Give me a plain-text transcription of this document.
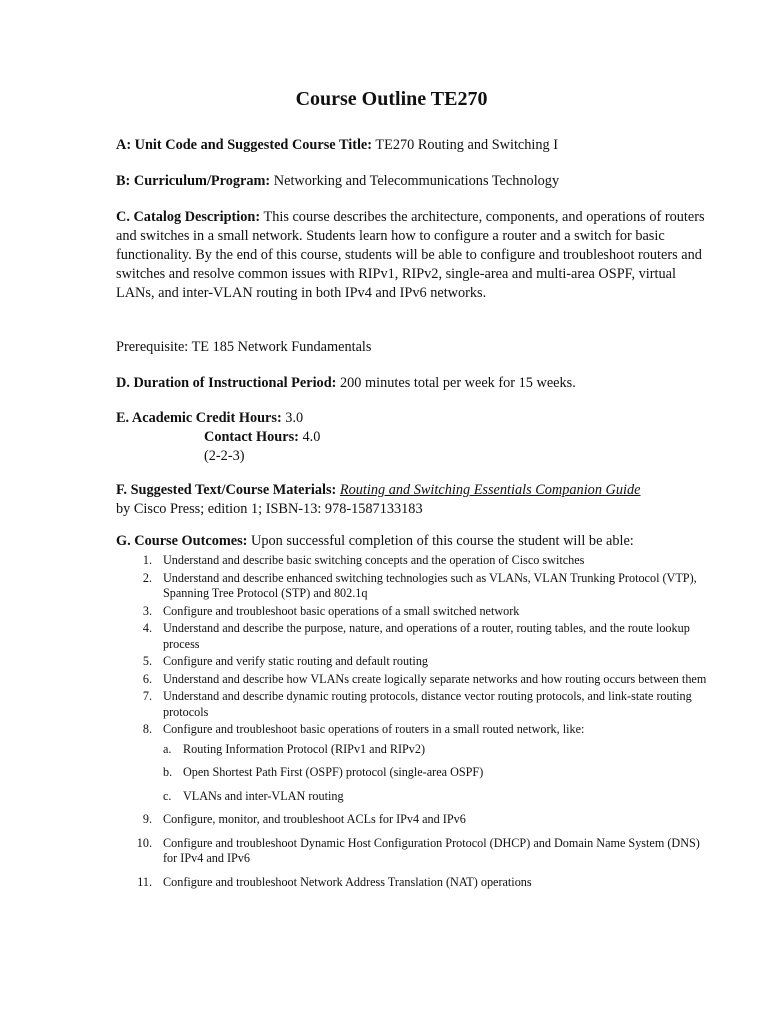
Course Outline TE270
A: Unit Code and Suggested Course Title: TE270 Routing and Switching I
B: Curriculum/Program: Networking and Telecommunications Technology
C. Catalog Description: This course describes the architecture, components, and operations of routers and switches in a small network. Students learn how to configure a router and a switch for basic functionality. By the end of this course, students will be able to configure and troubleshoot routers and switches and resolve common issues with RIPv1, RIPv2, single-area and multi-area OSPF, virtual LANs, and inter-VLAN routing in both IPv4 and IPv6 networks.
Prerequisite: TE 185 Network Fundamentals
D. Duration of Instructional Period: 200 minutes total per week for 15 weeks.
E. Academic Credit Hours: 3.0
Contact Hours: 4.0
(2-2-3)
F. Suggested Text/Course Materials: Routing and Switching Essentials Companion Guide
by Cisco Press; edition 1; ISBN-13: 978-1587133183
G. Course Outcomes: Upon successful completion of this course the student will be able:
1. Understand and describe basic switching concepts and the operation of Cisco switches
2. Understand and describe enhanced switching technologies such as VLANs, VLAN Trunking Protocol (VTP), Spanning Tree Protocol (STP) and 802.1q
3. Configure and troubleshoot basic operations of a small switched network
4. Understand and describe the purpose, nature, and operations of a router, routing tables, and the route lookup process
5. Configure and verify static routing and default routing
6. Understand and describe how VLANs create logically separate networks and how routing occurs between them
7. Understand and describe dynamic routing protocols, distance vector routing protocols, and link-state routing protocols
8. Configure and troubleshoot basic operations of routers in a small routed network, like:
a. Routing Information Protocol (RIPv1 and RIPv2)
b. Open Shortest Path First (OSPF) protocol (single-area OSPF)
c. VLANs and inter-VLAN routing
9. Configure, monitor, and troubleshoot ACLs for IPv4 and IPv6
10. Configure and troubleshoot Dynamic Host Configuration Protocol (DHCP) and Domain Name System (DNS) for IPv4 and IPv6
11. Configure and troubleshoot Network Address Translation (NAT) operations
